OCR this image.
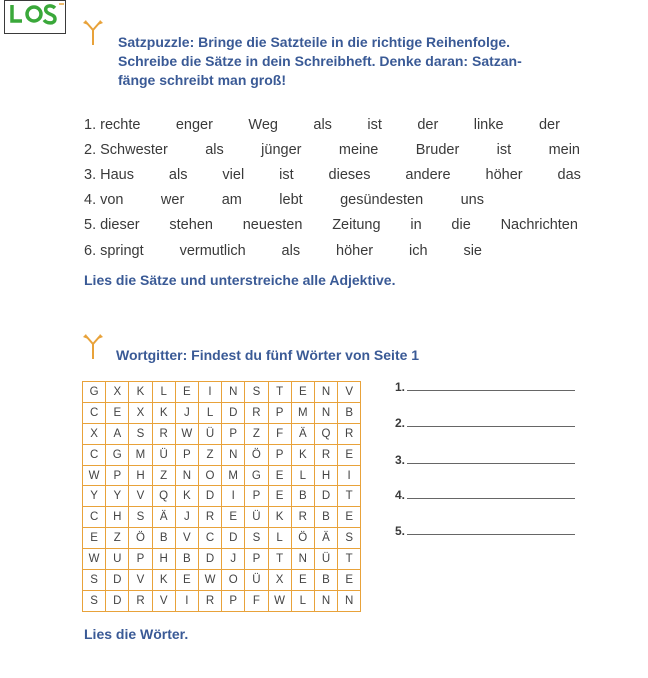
Satzpuzzle: Bringe die Satzteile in die richtige Reihenfolge.
Schreibe die Sätze in dein Schreibheft. Denke daran: Satzan-
fänge schreibt man groß!
1. rechte enger Weg als ist der linke der
2. Schwester	als	jünger	meine	Bruder	ist	mein
3. Haus als viel ist dieses andere höher das
4. von	wer	am	lebt	gesündesten	uns
5. dieser stehen neuesten Zeitung in die Nachrichten
6. springt vermutlich als höher ich sie
Lies die Sätze und unterstreiche alle Adjektive.
Wortgitter: Findest du fünf Wörter von Seite 1
G	X	K	L	E	I	N	S	T	E	N	V
C	E	X	K	J	L	D	R	P	M	N	B
X	A	S	R	W	Ü	P	Z	F	Ä	Q	R
C	G	M	Ü	P	Z	N	Ö	P	K	R	E
W	P	H	Z	N	O	M	G	E	L	H	I
Y	Y	V	Q	K	D	I	P	E	B	D	T
C	H	S	Ä	J	R	E	Ü	K	R	B	E
E	Z	Ö	B	V	C	D	S	L	Ö	Ä	S
W	U	P	H	B	D	J	P	T	N	Ü	T
S	D	V	K	E	W	O	Ü	X	E	B	E
S	D	R	V	I	R	P	F	W	L	N	N
1.
2.
3.
4.
5.
Lies die Wörter.
